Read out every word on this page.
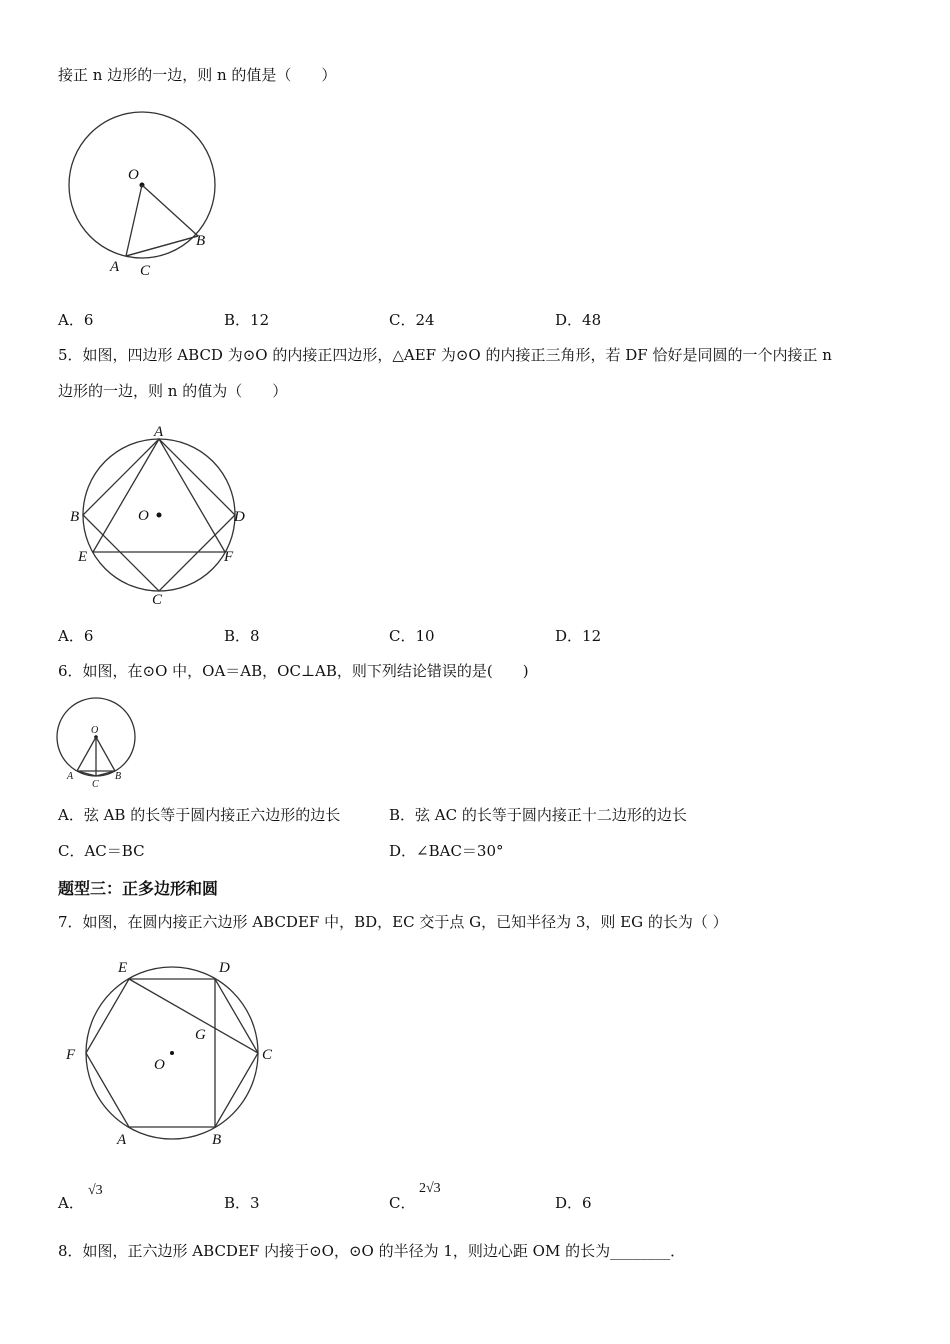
接正 n 边形的一边，则 n 的值是（　　）
O
A C
B
A．6	B．12	C．24	D．48
5．如图，四边形 ABCD 为⊙O 的内接正四边形，△AEF 为⊙O 的内接正三角形，若 DF 恰好是同圆的一个内接正 n
边形的一边，则 n 的值为（　　）
A
B	D
E	F
C
O
A．6	B．8	C．10	D．12
6．如图，在⊙O 中，OA＝AB，OC⊥AB，则下列结论错误的是(　　)
O
A
C
B
A．弦 AB 的长等于圆内接正六边形的边长	B．弦 AC 的长等于圆内接正十二边形的边长
C．AC＝BC	D．∠BAC＝30°
题型三：正多边形和圆
7．如图，在圆内接正六边形 ABCDEF 中，BD，EC 交于点 G，已知半径为 3，则 EG 的长为（ ）
E	D
F	C
G
O
A	B
A．
√3
B．3	C．
2√3
D．6
8．如图，正六边形 ABCDEF 内接于⊙O，⊙O 的半径为 1，则边心距 OM 的长为________．
